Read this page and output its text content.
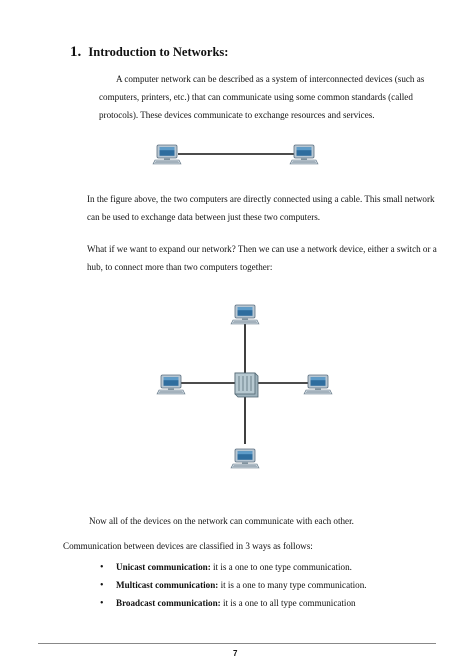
1. Introduction to Networks:

A computer network can be described as a system of interconnected devices (such as computers, printers, etc.) that can communicate using some common standards (called protocols). These devices communicate to exchange resources and services.

In the figure above, the two computers are directly connected using a cable. This small network can be used to exchange data between just these two computers.

What if we want to expand our network? Then we can use a network device, either a switch or a hub, to connect more than two computers together:

Now all of the devices on the network can communicate with each other.

Communication between devices are classified in 3 ways as follows:

• Unicast communication: it is a one to one type communication.
• Multicast communication: it is a one to many type communication.
• Broadcast communication: it is a one to all type communication
7
